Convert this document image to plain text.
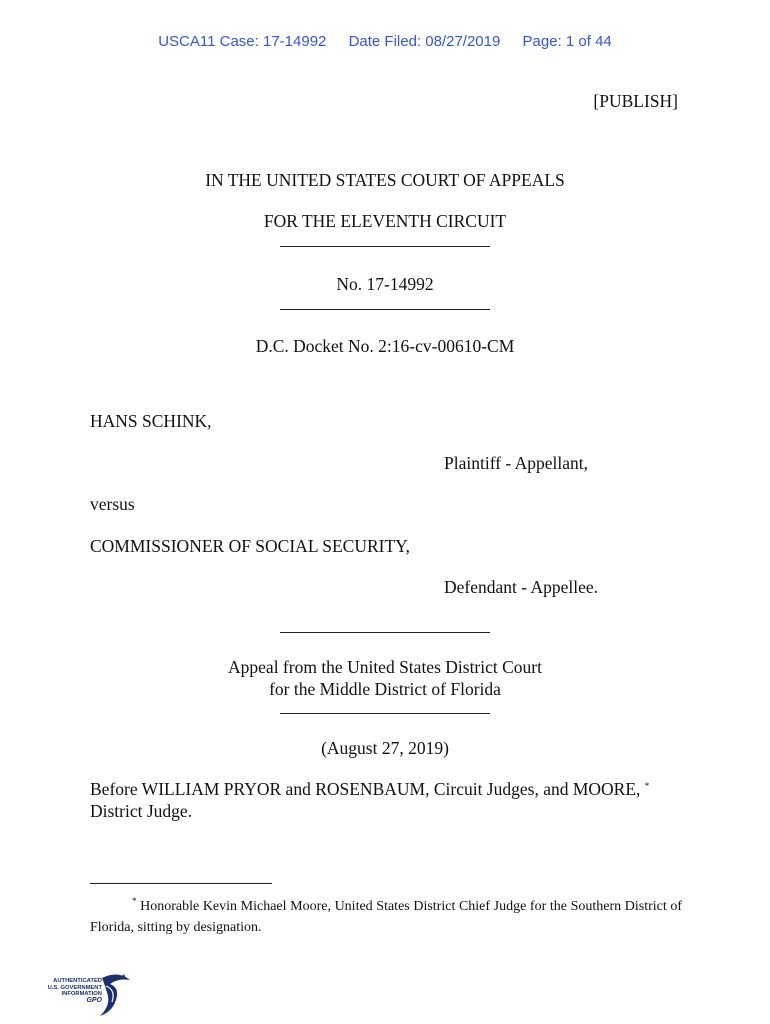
USCA11 Case: 17-14992 Date Filed: 08/27/2019 Page: 1 of 44
[PUBLISH]
IN THE UNITED STATES COURT OF APPEALS
FOR THE ELEVENTH CIRCUIT
No. 17-14992
D.C. Docket No. 2:16-cv-00610-CM
HANS SCHINK,
Plaintiff - Appellant,
versus
COMMISSIONER OF SOCIAL SECURITY,
Defendant - Appellee.
Appeal from the United States District Court
for the Middle District of Florida
(August 27, 2019)
Before WILLIAM PRYOR and ROSENBAUM, Circuit Judges, and MOORE, *
District Judge.
* Honorable Kevin Michael Moore, United States District Chief Judge for the Southern District of Florida, sitting by designation.
AUTHENTICATED
U.S. GOVERNMENT
INFORMATION
GPO
